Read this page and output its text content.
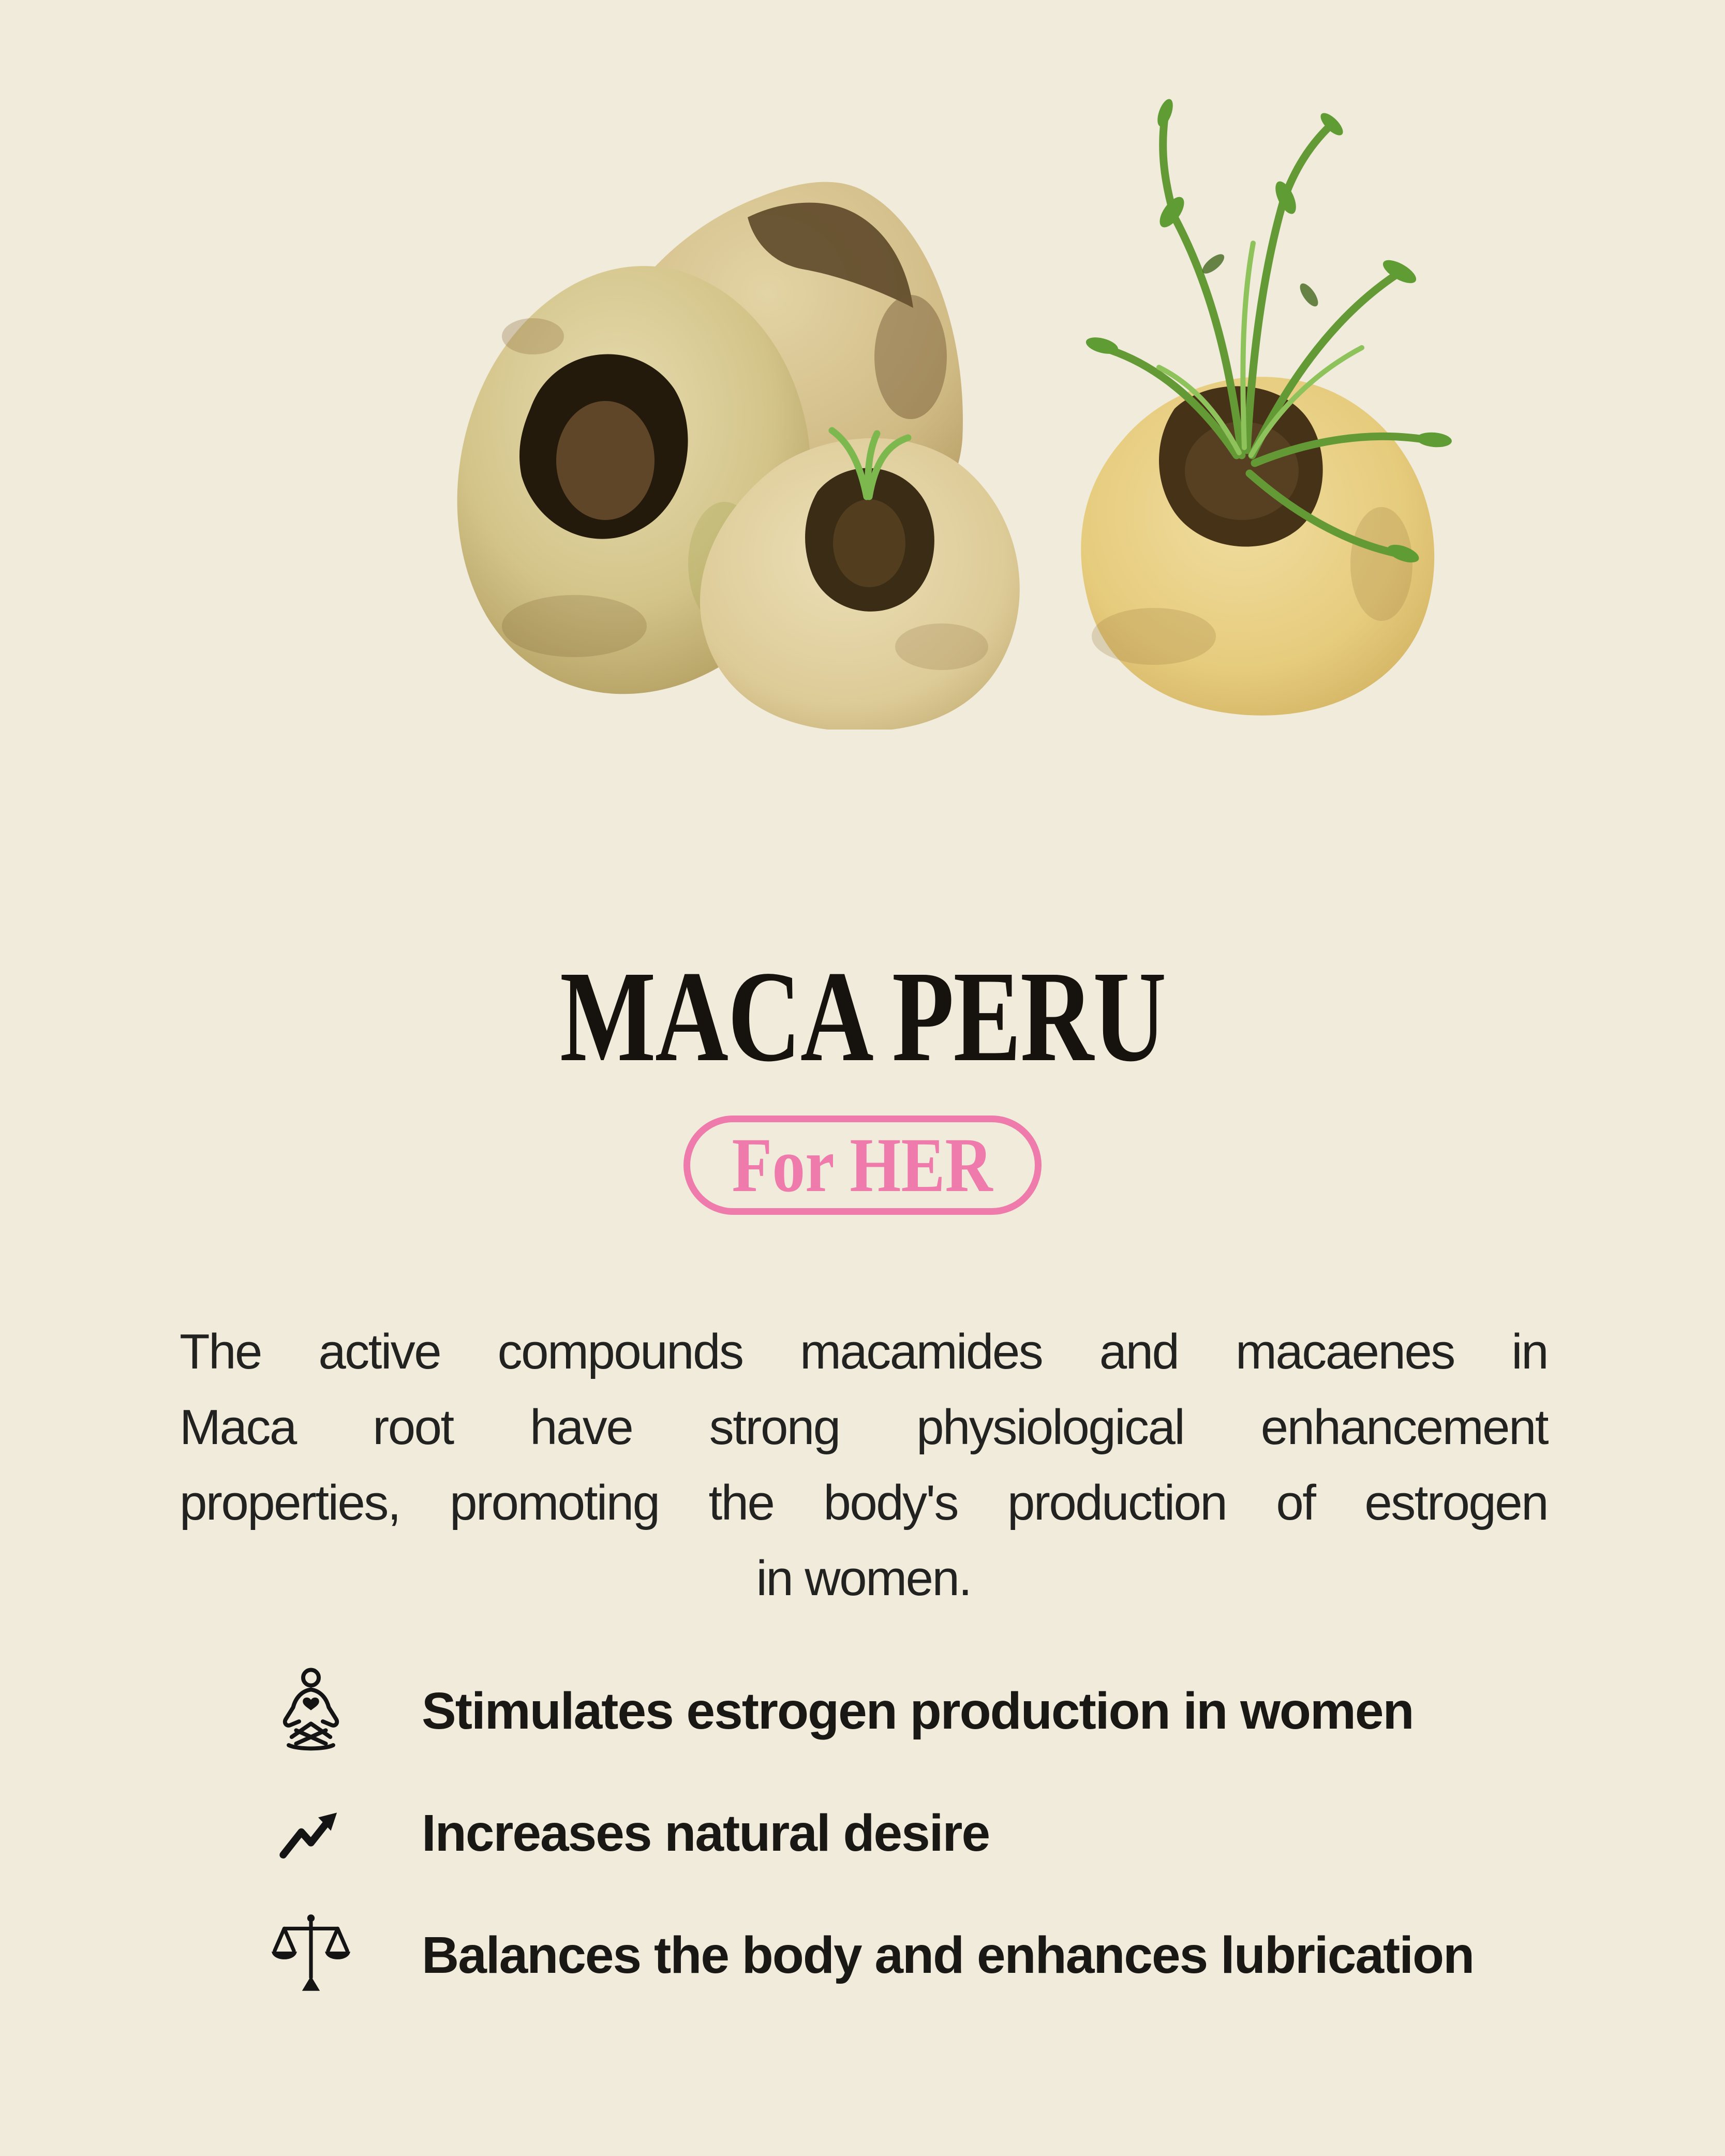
MACA PERU
For HER
The active compounds macamides and macaenes in
Maca root have strong physiological enhancement
properties, promoting the body's production of estrogen
in women.
Stimulates estrogen production in women
Increases natural desire
Balances the body and enhances lubrication
